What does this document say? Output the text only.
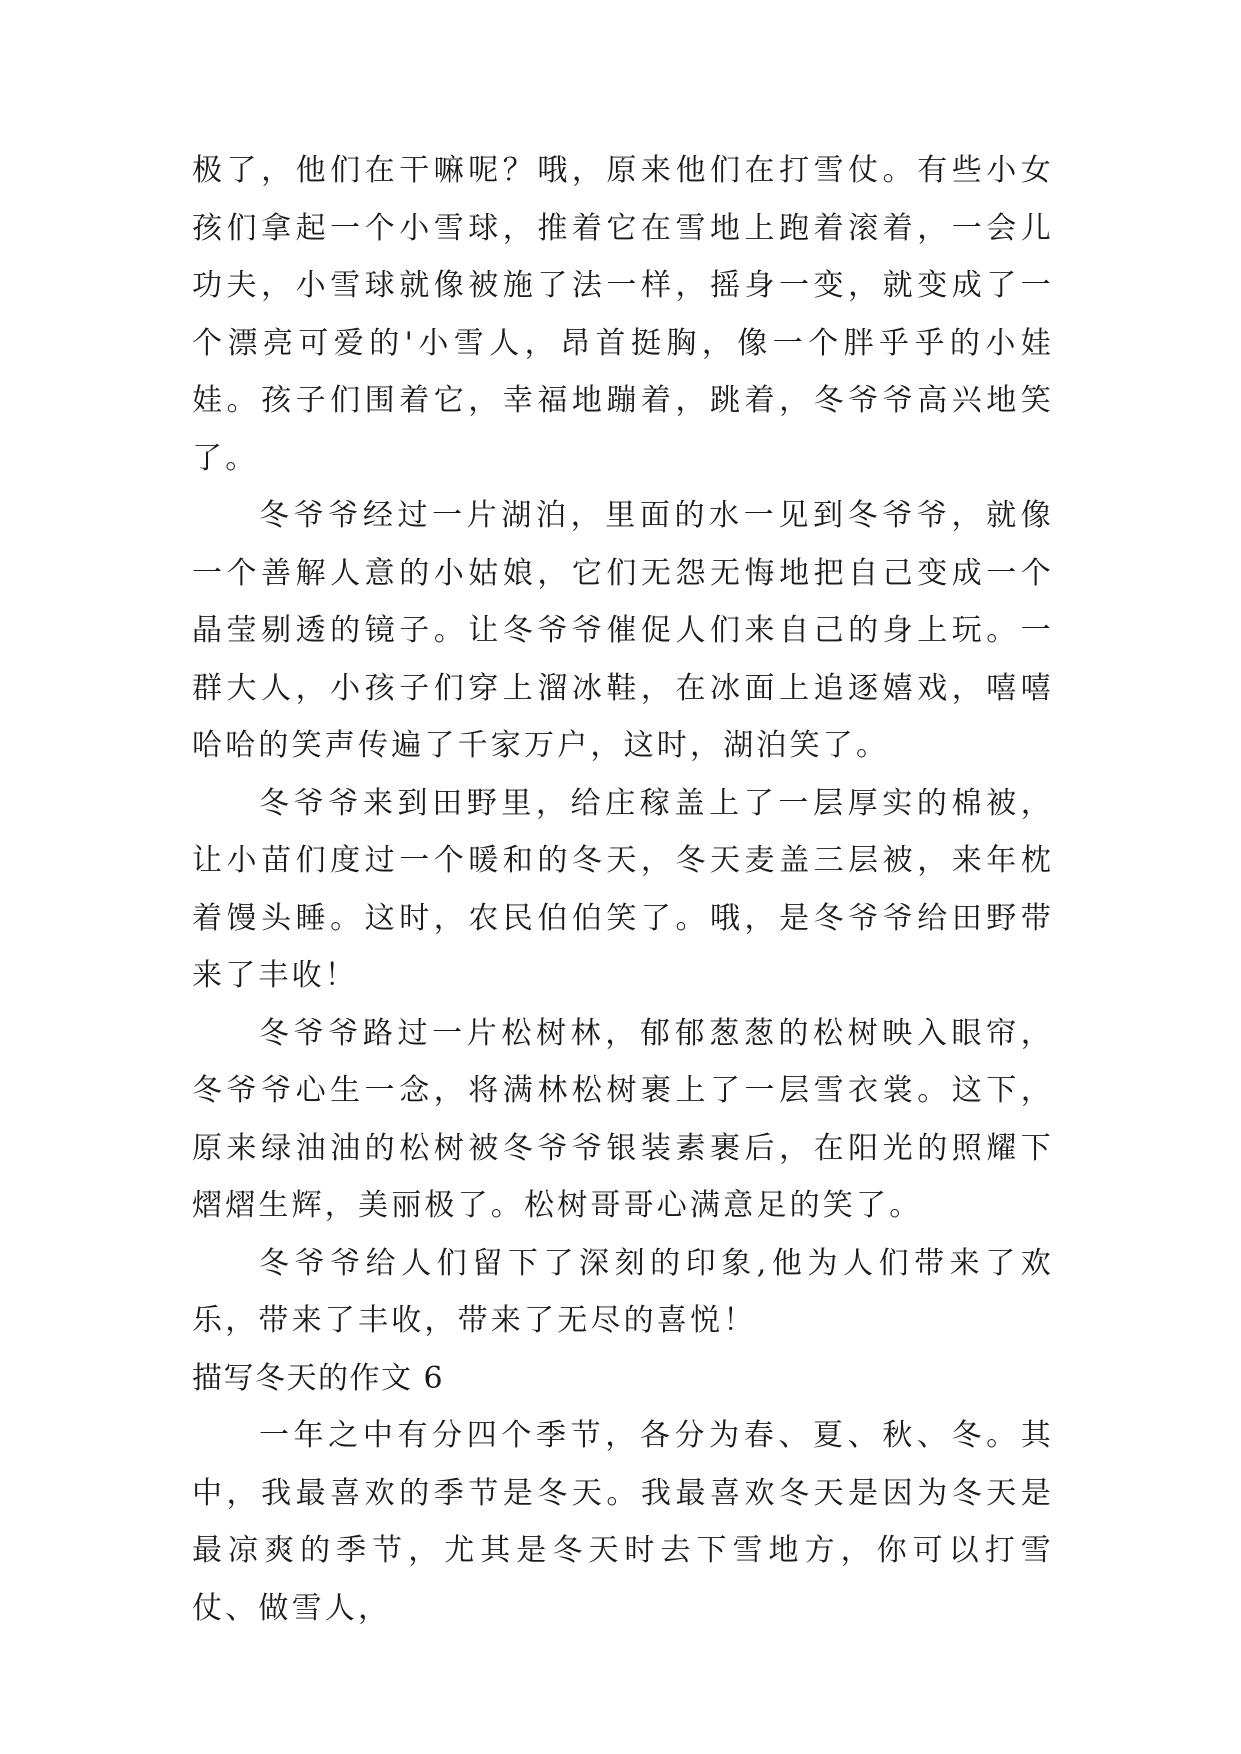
极了，他们在干嘛呢？哦，原来他们在打雪仗。有些小女孩们拿起一个小雪球，推着它在雪地上跑着滚着，一会儿功夫，小雪球就像被施了法一样，摇身一变，就变成了一个漂亮可爱的'小雪人，昂首挺胸，像一个胖乎乎的小娃娃。孩子们围着它，幸福地蹦着，跳着，冬爷爷高兴地笑了。

冬爷爷经过一片湖泊，里面的水一见到冬爷爷，就像一个善解人意的小姑娘，它们无怨无悔地把自己变成一个晶莹剔透的镜子。让冬爷爷催促人们来自己的身上玩。一群大人，小孩子们穿上溜冰鞋，在冰面上追逐嬉戏，嘻嘻哈哈的笑声传遍了千家万户，这时，湖泊笑了。

冬爷爷来到田野里，给庄稼盖上了一层厚实的棉被，让小苗们度过一个暖和的冬天，冬天麦盖三层被，来年枕着馒头睡。这时，农民伯伯笑了。哦，是冬爷爷给田野带来了丰收！

冬爷爷路过一片松树林，郁郁葱葱的松树映入眼帘，冬爷爷心生一念，将满林松树裹上了一层雪衣裳。这下，原来绿油油的松树被冬爷爷银装素裹后，在阳光的照耀下熠熠生辉，美丽极了。松树哥哥心满意足的笑了。

冬爷爷给人们留下了深刻的印象,他为人们带来了欢乐，带来了丰收，带来了无尽的喜悦！

描写冬天的作文 6

一年之中有分四个季节，各分为春、夏、秋、冬。其中，我最喜欢的季节是冬天。我最喜欢冬天是因为冬天是最凉爽的季节，尤其是冬天时去下雪地方，你可以打雪仗、做雪人，
